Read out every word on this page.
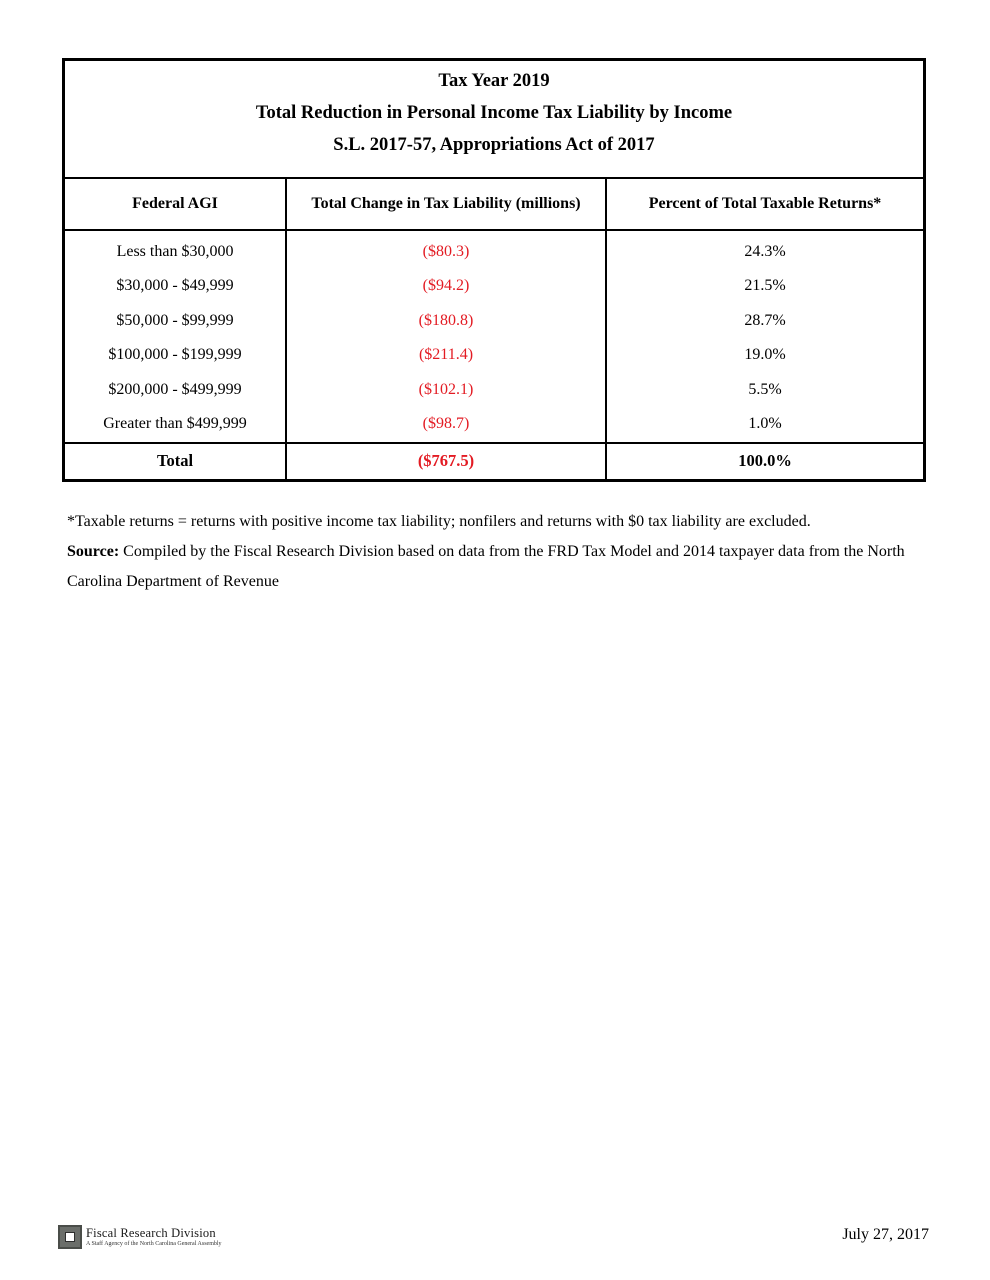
Tax Year 2019
Total Reduction in Personal Income Tax Liability by Income
S.L. 2017-57, Appropriations Act of 2017
Federal AGI	Total Change in Tax Liability (millions)	Percent of Total Taxable Returns*
Less than $30,000	($80.3)	24.3%
$30,000 - $49,999	($94.2)	21.5%
$50,000 - $99,999	($180.8)	28.7%
$100,000 - $199,999	($211.4)	19.0%
$200,000 - $499,999	($102.1)	5.5%
Greater than $499,999	($98.7)	1.0%
Total	($767.5)	100.0%

*Taxable returns = returns with positive income tax liability; nonfilers and returns with $0 tax liability are excluded.

Source: Compiled by the Fiscal Research Division based on data from the FRD Tax Model and 2014 taxpayer data from the North Carolina Department of Revenue

Fiscal Research Division
A Staff Agency of the North Carolina General Assembly
July 27, 2017
